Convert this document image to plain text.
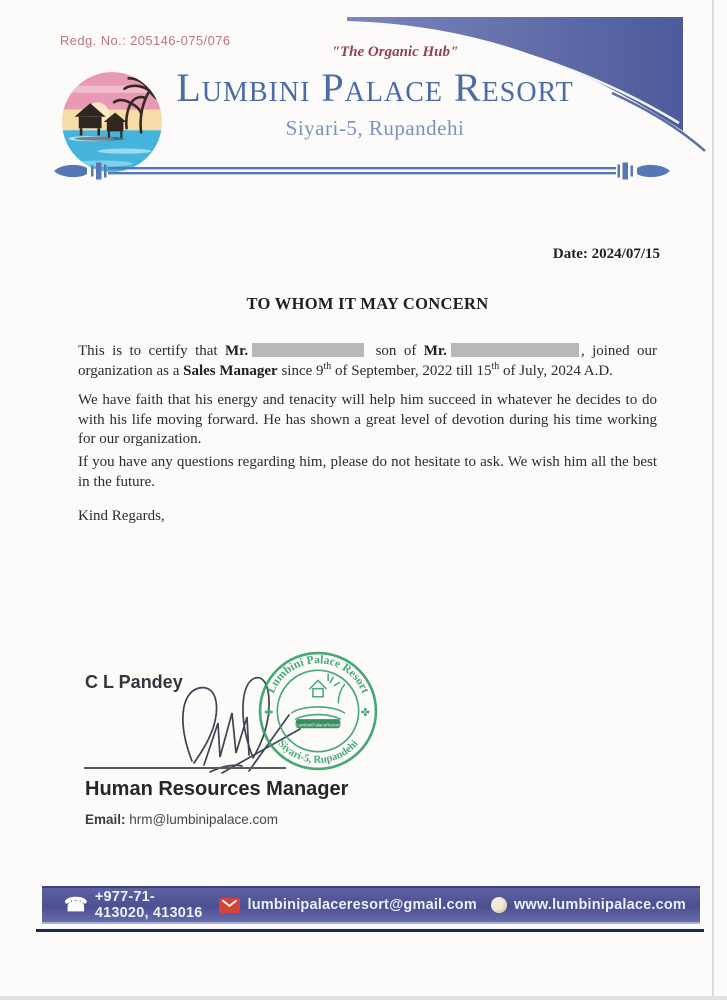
Redg. No.: 205146-075/076
"The Organic Hub"
Lumbini Palace Resort
Siyari-5, Rupandehi
Date: 2024/07/15
TO WHOM IT MAY CONCERN

This is to certify that Mr.	son of Mr.	, joined our organization as a Sales Manager since 9th of September, 2022 till 15th of July, 2024 A.D.

We have faith that his energy and tenacity will help him succeed in whatever he decides to do with his life moving forward. He has shown a great level of devotion during his time working for our organization.

If you have any questions regarding him, please do not hesitate to ask. We wish him all the best in the future.

Kind Regards,
C L Pandey	Lumbini Palace Resort
Siyari-5, Rupandehi
✤	✤
LumbiniPalaceResort
Human Resources Manager
Email: hrm@lumbinipalace.com
☎ +977-71-413020, 413016	lumbinipalaceresort@gmail.com	www.lumbinipalace.com
